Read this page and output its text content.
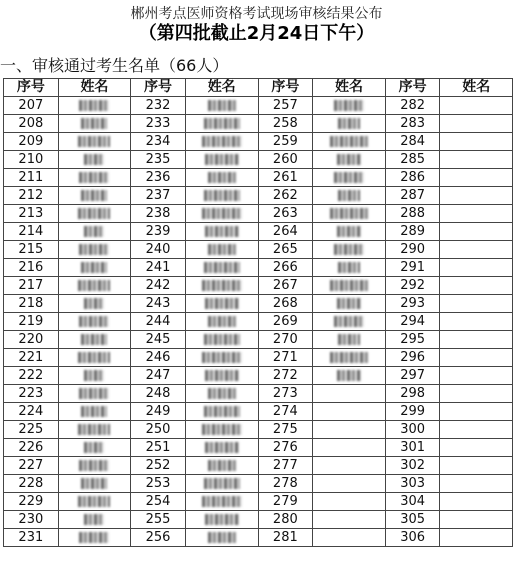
郴州考点医师资格考试现场审核结果公布
（第四批截止2月24日下午）
一、审核通过考生名单（66人）
序号	姓名	序号	姓名	序号	姓名	序号	姓名
207		232		257		282	
208		233		258		283	
209		234		259		284	
210		235		260		285	
211		236		261		286	
212		237		262		287	
213		238		263		288	
214		239		264		289	
215		240		265		290	
216		241		266		291	
217		242		267		292	
218		243		268		293	
219		244		269		294	
220		245		270		295	
221		246		271		296	
222		247		272		297	
223		248		273		298	
224		249		274		299	
225		250		275		300	
226		251		276		301	
227		252		277		302	
228		253		278		303	
229		254		279		304	
230		255		280		305	
231		256		281		306	
